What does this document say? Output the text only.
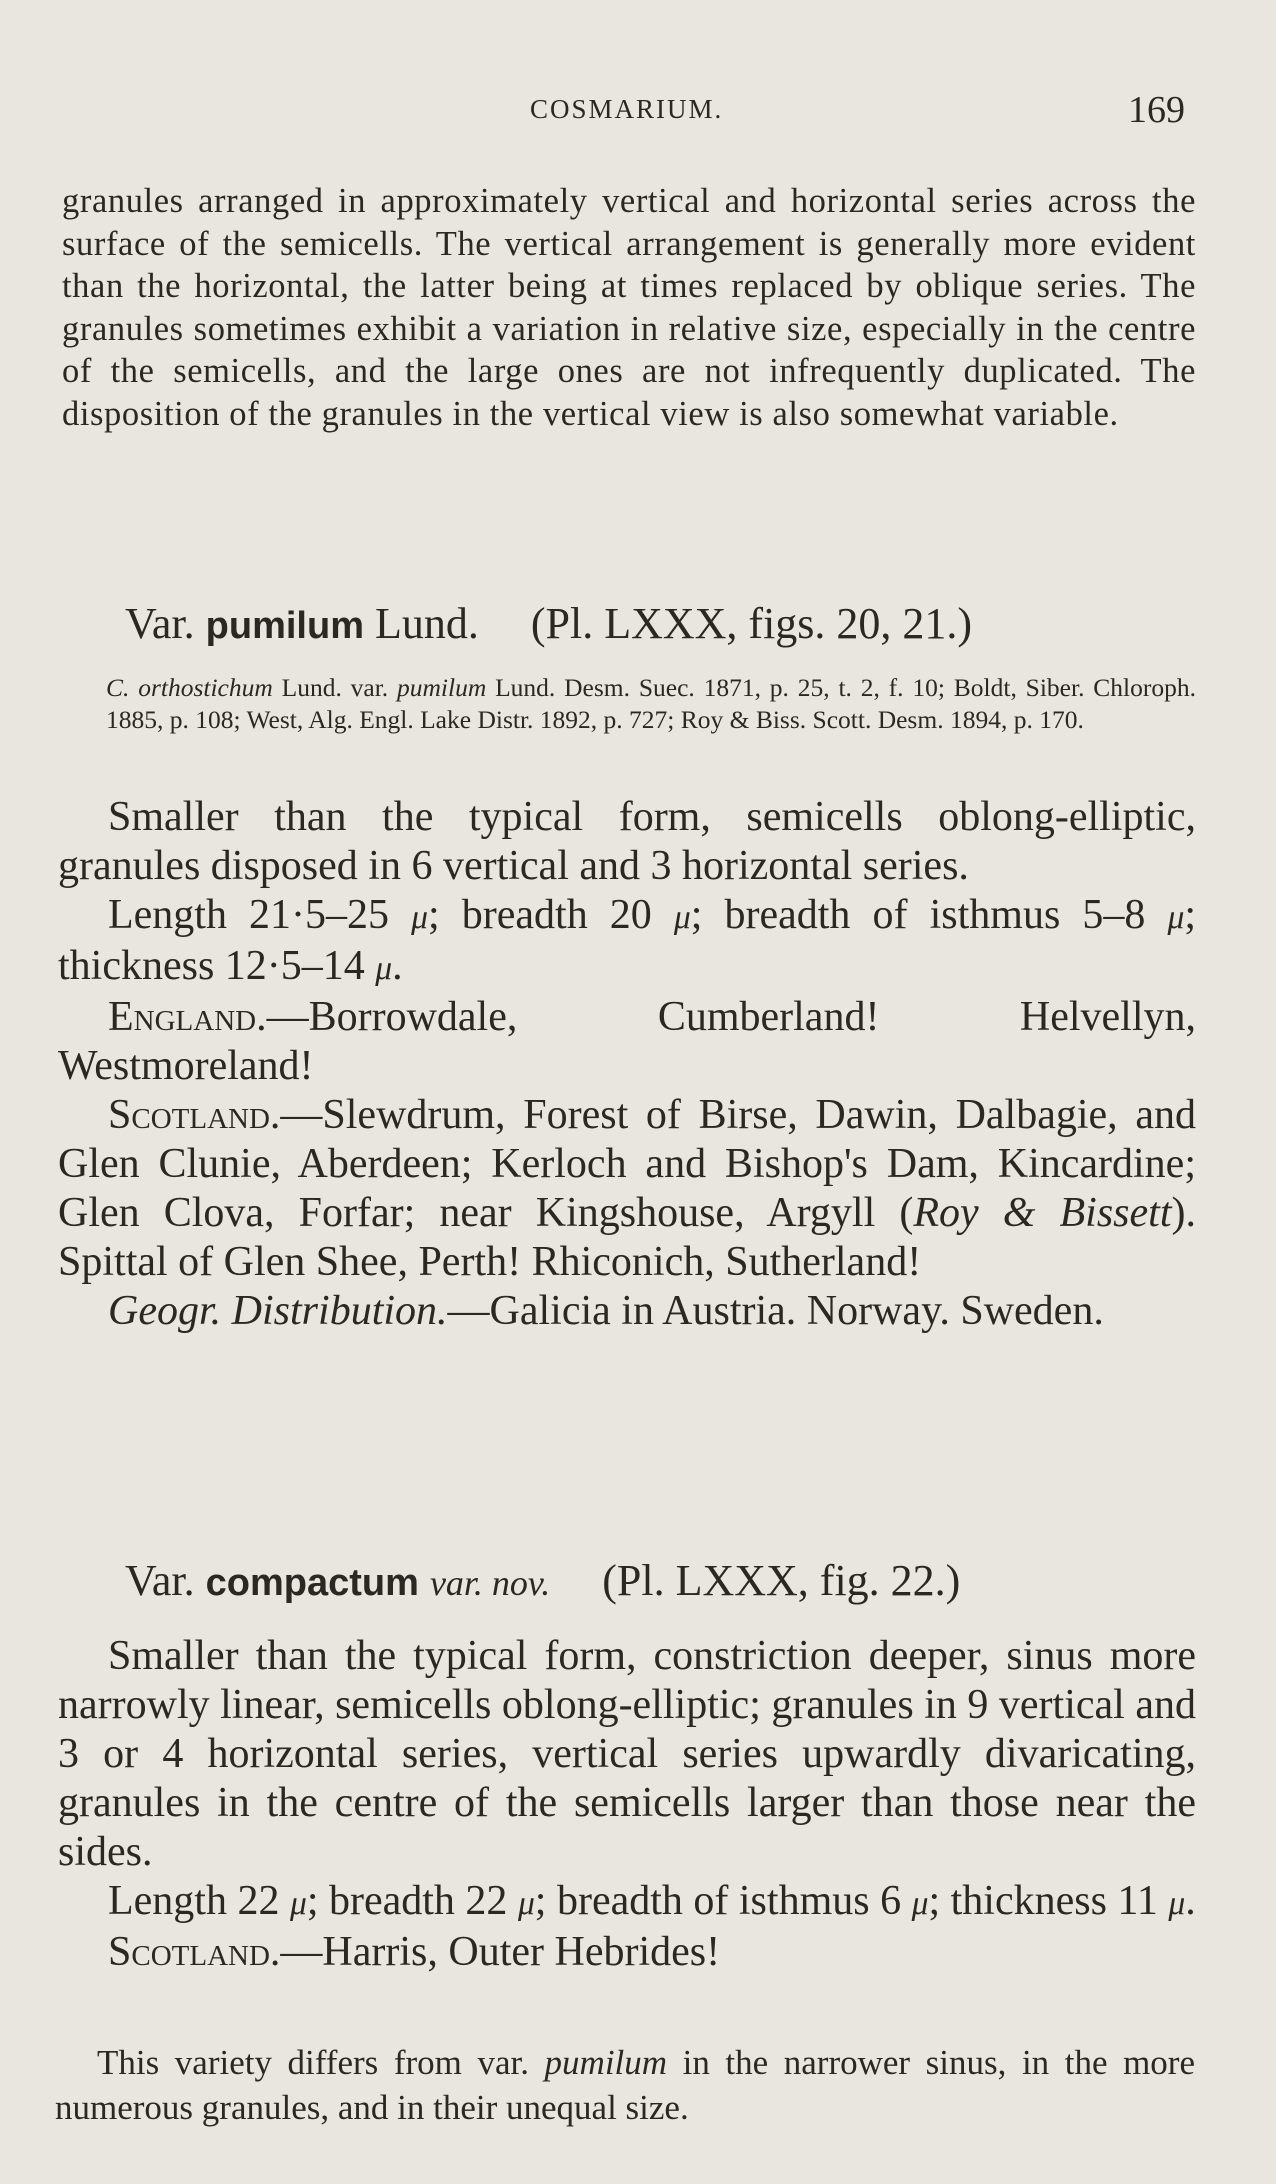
COSMARIUM.	169

granules arranged in approximately vertical and horizontal series across the surface of the semicells. The vertical arrangement is generally more evident than the horizontal, the latter being at times replaced by oblique series. The granules sometimes exhibit a variation in relative size, especially in the centre of the semicells, and the large ones are not infrequently duplicated. The disposition of the granules in the vertical view is also somewhat variable.

Var. pumilum Lund. (Pl. LXXX, figs. 20, 21.)
C. orthostichum Lund. var. pumilum Lund. Desm. Suec. 1871, p. 25, t. 2, f. 10; Boldt, Siber. Chloroph. 1885, p. 108; West, Alg. Engl. Lake Distr. 1892, p. 727; Roy & Biss. Scott. Desm. 1894, p. 170.

Smaller than the typical form, semicells oblong-elliptic, granules disposed in 6 vertical and 3 horizontal series.

Length 21·5–25 μ; breadth 20 μ; breadth of isthmus 5–8 μ; thickness 12·5–14 μ.

England.—Borrowdale, Cumberland! Helvellyn, Westmoreland!

Scotland.—Slewdrum, Forest of Birse, Dawin, Dalbagie, and Glen Clunie, Aberdeen; Kerloch and Bishop's Dam, Kincardine; Glen Clova, Forfar; near Kingshouse, Argyll (Roy & Bissett). Spittal of Glen Shee, Perth! Rhiconich, Sutherland!

Geogr. Distribution.—Galicia in Austria. Norway. Sweden.

Var. compactum var. nov. (Pl. LXXX, fig. 22.)

Smaller than the typical form, constriction deeper, sinus more narrowly linear, semicells oblong-elliptic; granules in 9 vertical and 3 or 4 horizontal series, vertical series upwardly divaricating, granules in the centre of the semicells larger than those near the sides.

Length 22 μ; breadth 22 μ; breadth of isthmus 6 μ; thickness 11 μ.

Scotland.—Harris, Outer Hebrides!

This variety differs from var. pumilum in the narrower sinus, in the more numerous granules, and in their unequal size.
